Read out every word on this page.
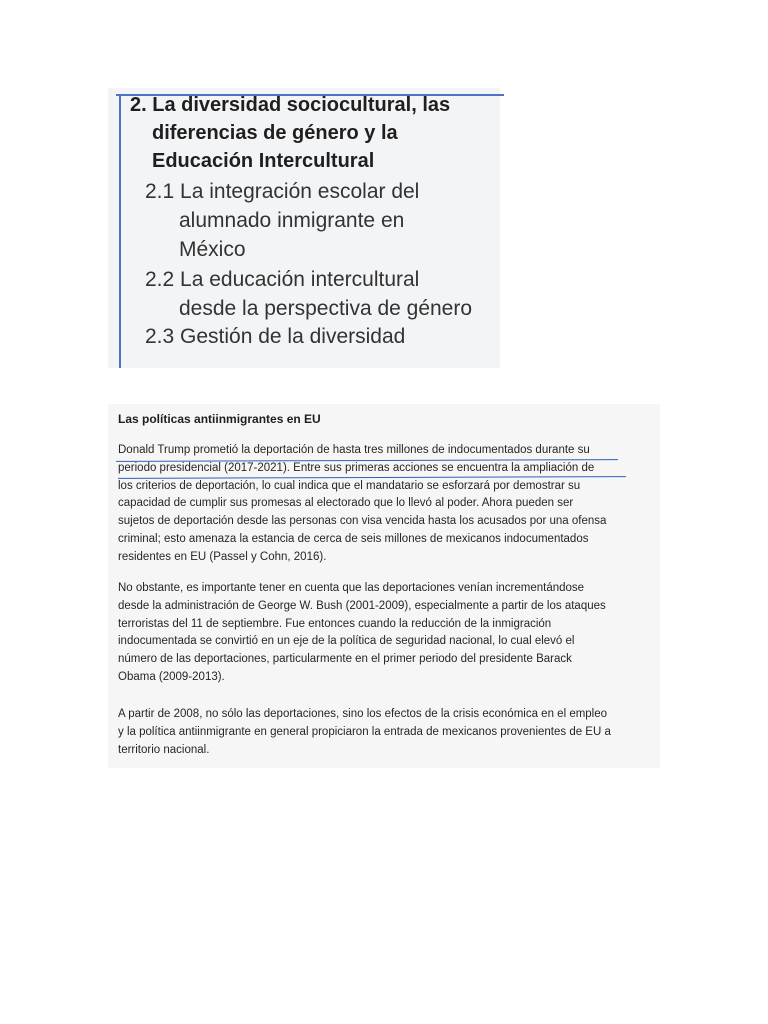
2. La diversidad sociocultural, las
diferencias de género y la
Educación Intercultural

2.1 La integración escolar del
alumnado inmigrante en
México

2.2 La educación intercultural
desde la perspectiva de género

2.3 Gestión de la diversidad

Las políticas antiinmigrantes en EU

Donald Trump prometió la deportación de hasta tres millones de indocumentados durante su
periodo presidencial (2017-2021). Entre sus primeras acciones se encuentra la ampliación de
los criterios de deportación, lo cual indica que el mandatario se esforzará por demostrar su
capacidad de cumplir sus promesas al electorado que lo llevó al poder. Ahora pueden ser
sujetos de deportación desde las personas con visa vencida hasta los acusados por una ofensa
criminal; esto amenaza la estancia de cerca de seis millones de mexicanos indocumentados
residentes en EU (Passel y Cohn, 2016).

No obstante, es importante tener en cuenta que las deportaciones venían incrementándose
desde la administración de George W. Bush (2001-2009), especialmente a partir de los ataques
terroristas del 11 de septiembre. Fue entonces cuando la reducción de la inmigración
indocumentada se convirtió en un eje de la política de seguridad nacional, lo cual elevó el
número de las deportaciones, particularmente en el primer periodo del presidente Barack
Obama (2009-2013).

A partir de 2008, no sólo las deportaciones, sino los efectos de la crisis económica en el empleo
y la política antiinmigrante en general propiciaron la entrada de mexicanos provenientes de EU a
territorio nacional.
